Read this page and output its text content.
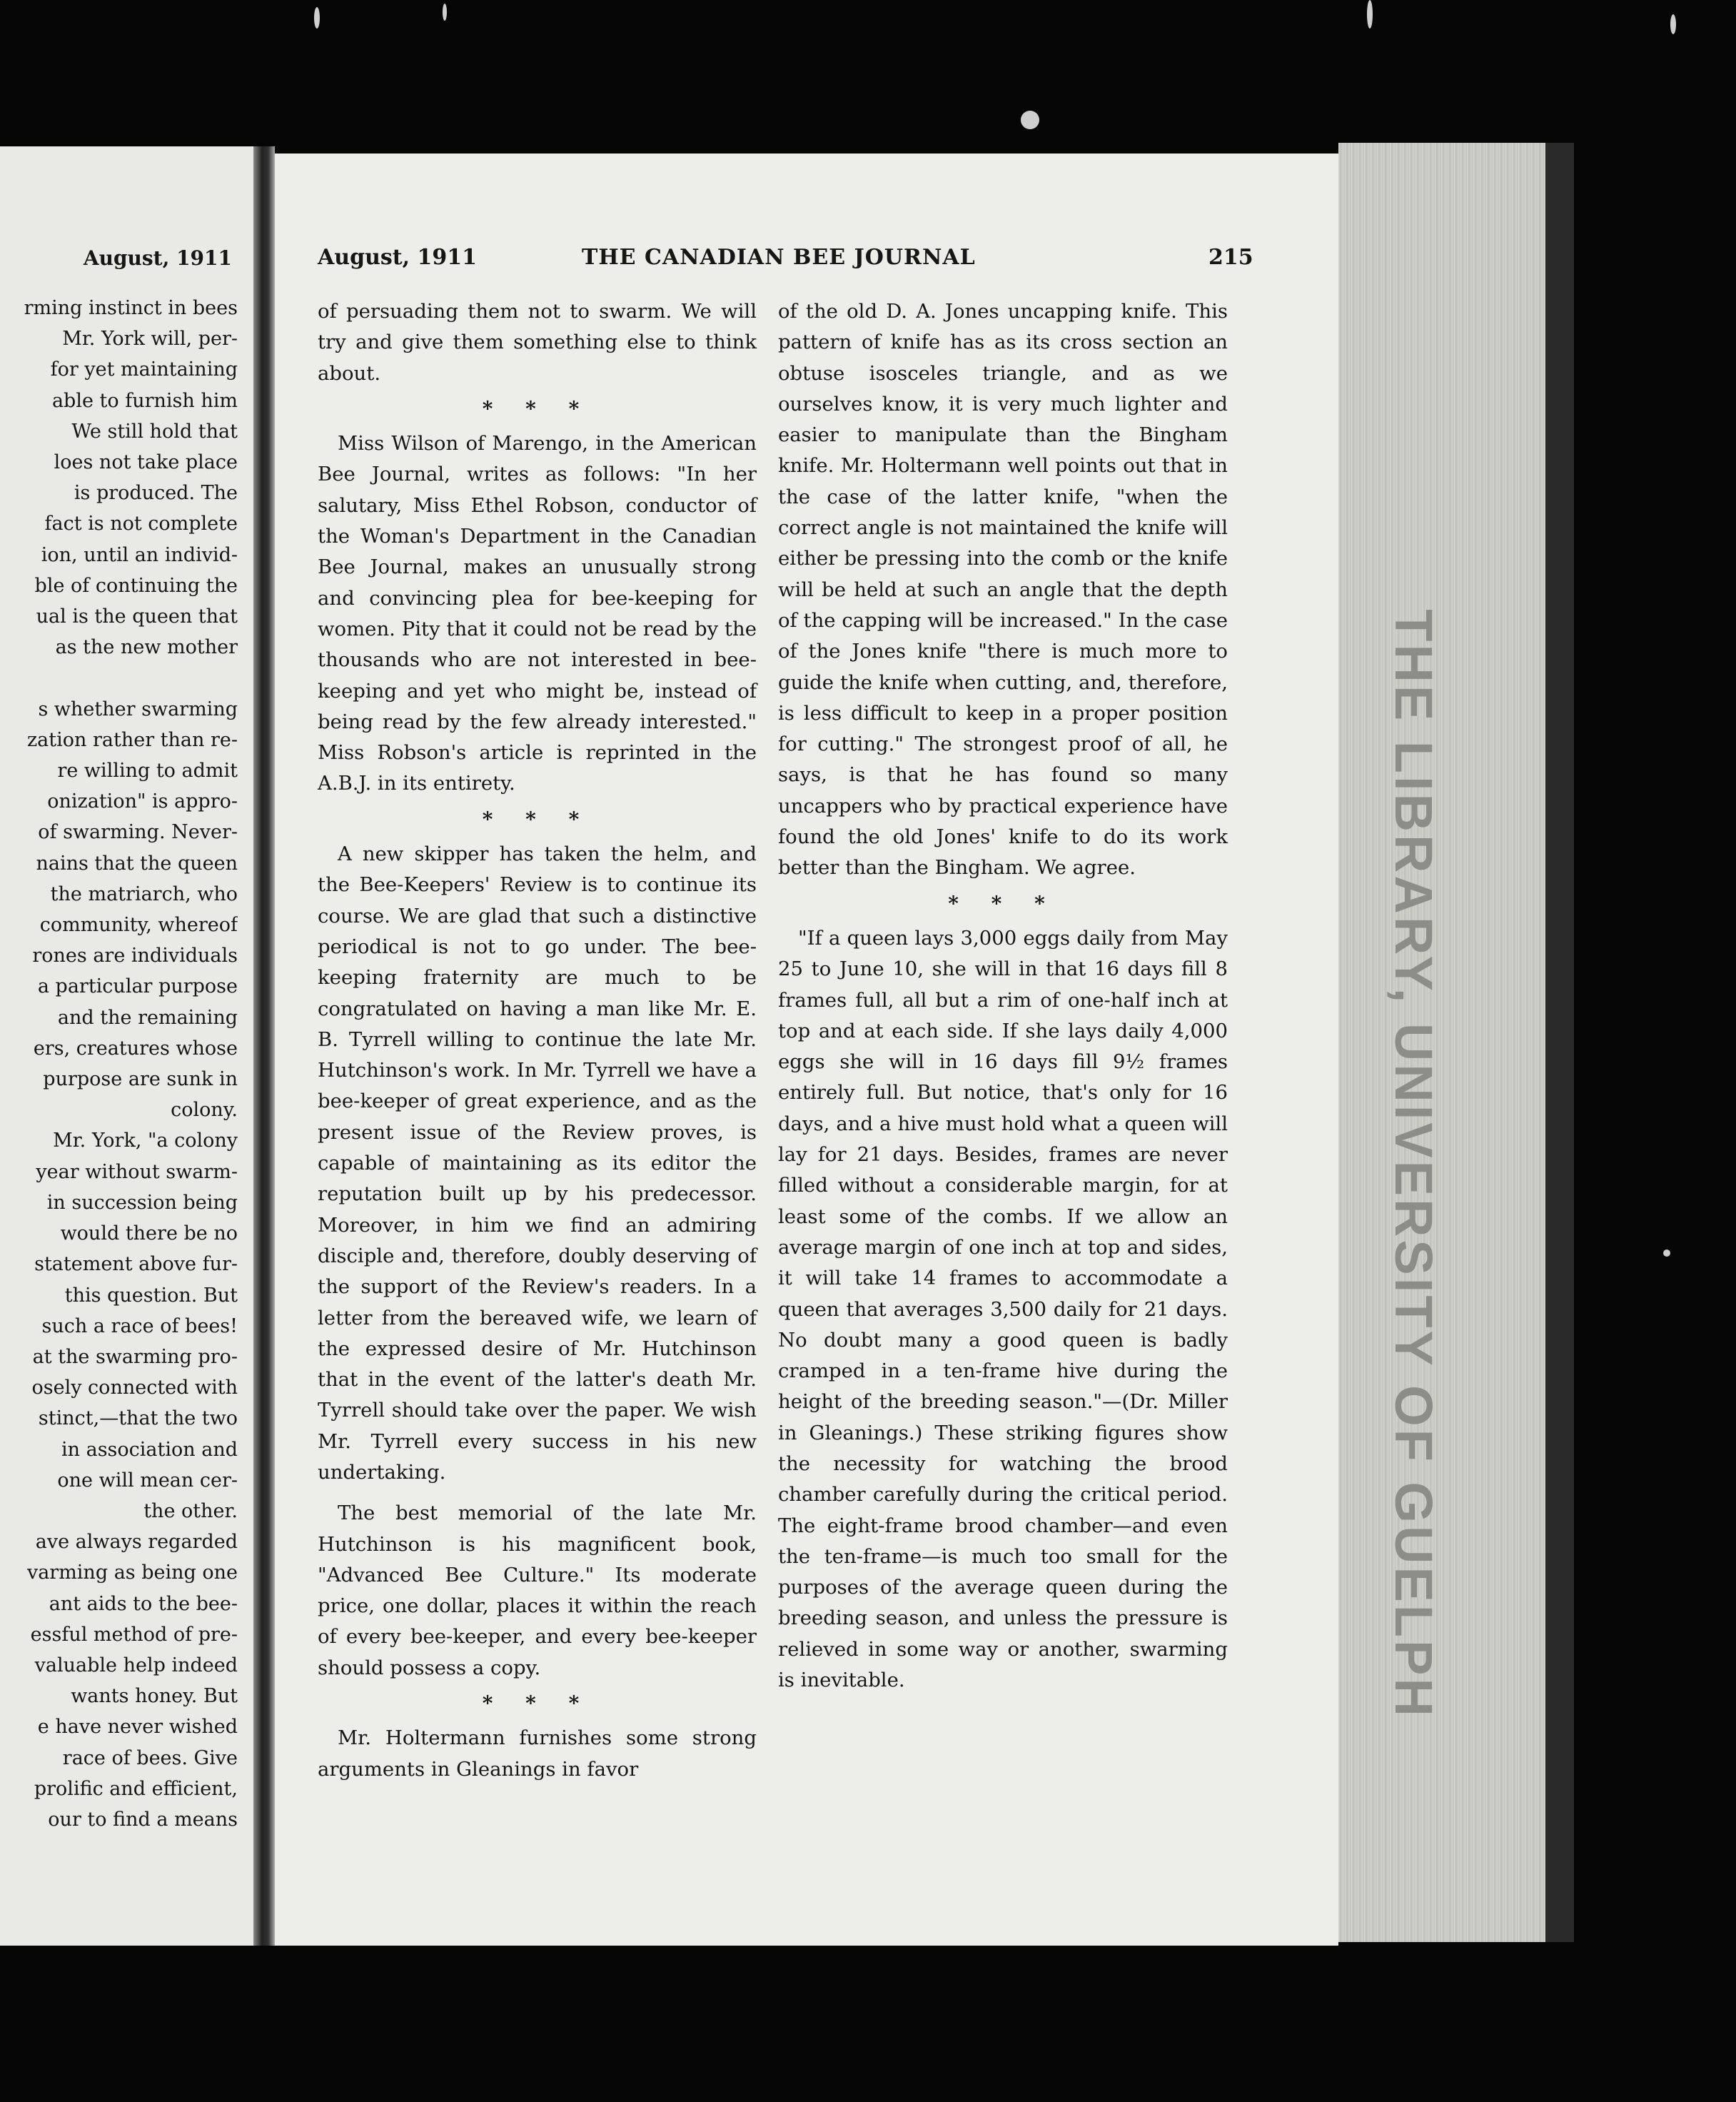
August, 1911
rming instinct in bees
Mr. York will, per-
for yet maintaining
able to furnish him
We still hold that
loes not take place
is produced. The
fact is not complete
ion, until an individ-
ble of continuing the
ual is the queen that
as the new mother

s whether swarming
zation rather than re-
re willing to admit
onization" is appro-
of swarming. Never-
nains that the queen
the matriarch, who
community, whereof
rones are individuals
a particular purpose
and the remaining
ers, creatures whose
purpose are sunk in
colony.
Mr. York, "a colony
year without swarm-
in succession being
would there be no
statement above fur-
this question. But
such a race of bees!
at the swarming pro-
osely connected with
stinct,—that the two
in association and
one will mean cer-
the other.
ave always regarded
varming as being one
ant aids to the bee-
essful method of pre-
valuable help indeed
wants honey. But
e have never wished
race of bees. Give
prolific and efficient,
our to find a means
August, 1911	THE CANADIAN BEE JOURNAL	215

of persuading them not to swarm. We will try and give them something else to think about.

* * *

Miss Wilson of Marengo, in the American Bee Journal, writes as follows: "In her salutary, Miss Ethel Robson, conductor of the Woman's Department in the Canadian Bee Journal, makes an unusually strong and convincing plea for bee-keeping for women. Pity that it could not be read by the thousands who are not interested in bee-keeping and yet who might be, instead of being read by the few already interested." Miss Robson's article is reprinted in the A.B.J. in its entirety.

* * *

A new skipper has taken the helm, and the Bee-Keepers' Review is to continue its course. We are glad that such a distinctive periodical is not to go under. The bee-keeping fraternity are much to be congratulated on having a man like Mr. E. B. Tyrrell willing to continue the late Mr. Hutchinson's work. In Mr. Tyrrell we have a bee-keeper of great experience, and as the present issue of the Review proves, is capable of maintaining as its editor the reputation built up by his predecessor. Moreover, in him we find an admiring disciple and, therefore, doubly deserving of the support of the Review's readers. In a letter from the bereaved wife, we learn of the expressed desire of Mr. Hutchinson that in the event of the latter's death Mr. Tyrrell should take over the paper. We wish Mr. Tyrrell every success in his new undertaking.

The best memorial of the late Mr. Hutchinson is his magnificent book, "Advanced Bee Culture." Its moderate price, one dollar, places it within the reach of every bee-keeper, and every bee-keeper should possess a copy.

* * *

Mr. Holtermann furnishes some strong arguments in Gleanings in favor

of the old D. A. Jones uncapping knife. This pattern of knife has as its cross section an obtuse isosceles triangle, and as we ourselves know, it is very much lighter and easier to manipulate than the Bingham knife. Mr. Holtermann well points out that in the case of the latter knife, "when the correct angle is not maintained the knife will either be pressing into the comb or the knife will be held at such an angle that the depth of the capping will be increased." In the case of the Jones knife "there is much more to guide the knife when cutting, and, therefore, is less difficult to keep in a proper position for cutting." The strongest proof of all, he says, is that he has found so many uncappers who by practical experience have found the old Jones' knife to do its work better than the Bingham. We agree.

* * *

"If a queen lays 3,000 eggs daily from May 25 to June 10, she will in that 16 days fill 8 frames full, all but a rim of one-half inch at top and at each side. If she lays daily 4,000 eggs she will in 16 days fill 9½ frames entirely full. But notice, that's only for 16 days, and a hive must hold what a queen will lay for 21 days. Besides, frames are never filled without a considerable margin, for at least some of the combs. If we allow an average margin of one inch at top and sides, it will take 14 frames to accommodate a queen that averages 3,500 daily for 21 days. No doubt many a good queen is badly cramped in a ten-frame hive during the height of the breeding season."—(Dr. Miller in Gleanings.) These striking figures show the necessity for watching the brood chamber carefully during the critical period. The eight-frame brood chamber—and even the ten-frame—is much too small for the purposes of the average queen during the breeding season, and unless the pressure is relieved in some way or another, swarming is inevitable.	THE LIBRARY, UNIVERSITY OF GUELPH
